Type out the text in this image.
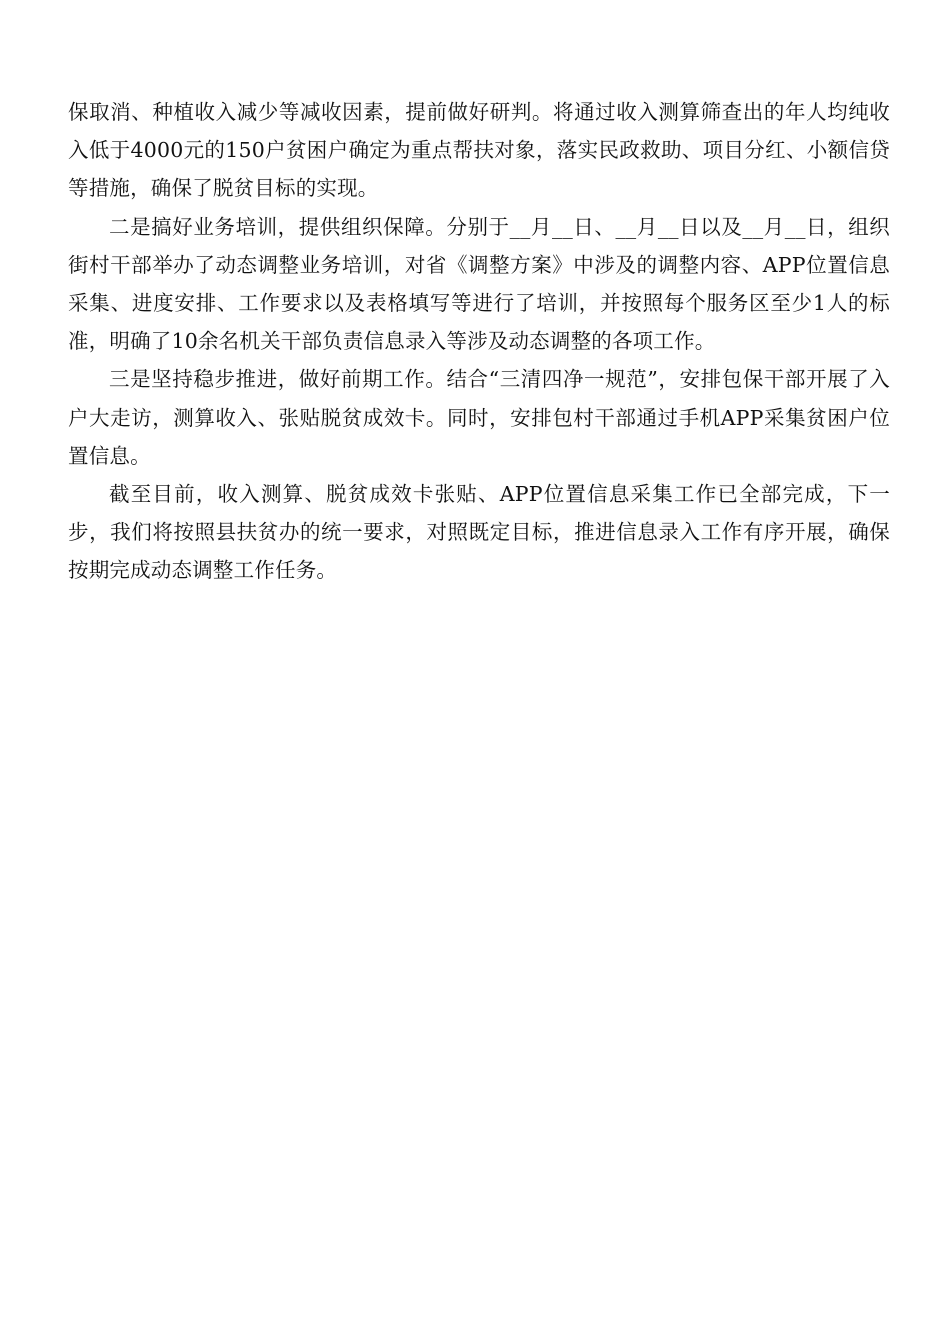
保取消、种植收入减少等减收因素，提前做好研判。将通过收入测算筛查出的年人均纯收入低于4000元的150户贫困户确定为重点帮扶对象，落实民政救助、项目分红、小额信贷等措施，确保了脱贫目标的实现。

二是搞好业务培训，提供组织保障。分别于__月__日、__月__日以及__月__日，组织街村干部举办了动态调整业务培训，对省《调整方案》中涉及的调整内容、APP位置信息采集、进度安排、工作要求以及表格填写等进行了培训，并按照每个服务区至少1人的标准，明确了10余名机关干部负责信息录入等涉及动态调整的各项工作。

三是坚持稳步推进，做好前期工作。结合“三清四净一规范”，安排包保干部开展了入户大走访，测算收入、张贴脱贫成效卡。同时，安排包村干部通过手机APP采集贫困户位置信息。

截至目前，收入测算、脱贫成效卡张贴、APP位置信息采集工作已全部完成，下一步，我们将按照县扶贫办的统一要求，对照既定目标，推进信息录入工作有序开展，确保按期完成动态调整工作任务。
